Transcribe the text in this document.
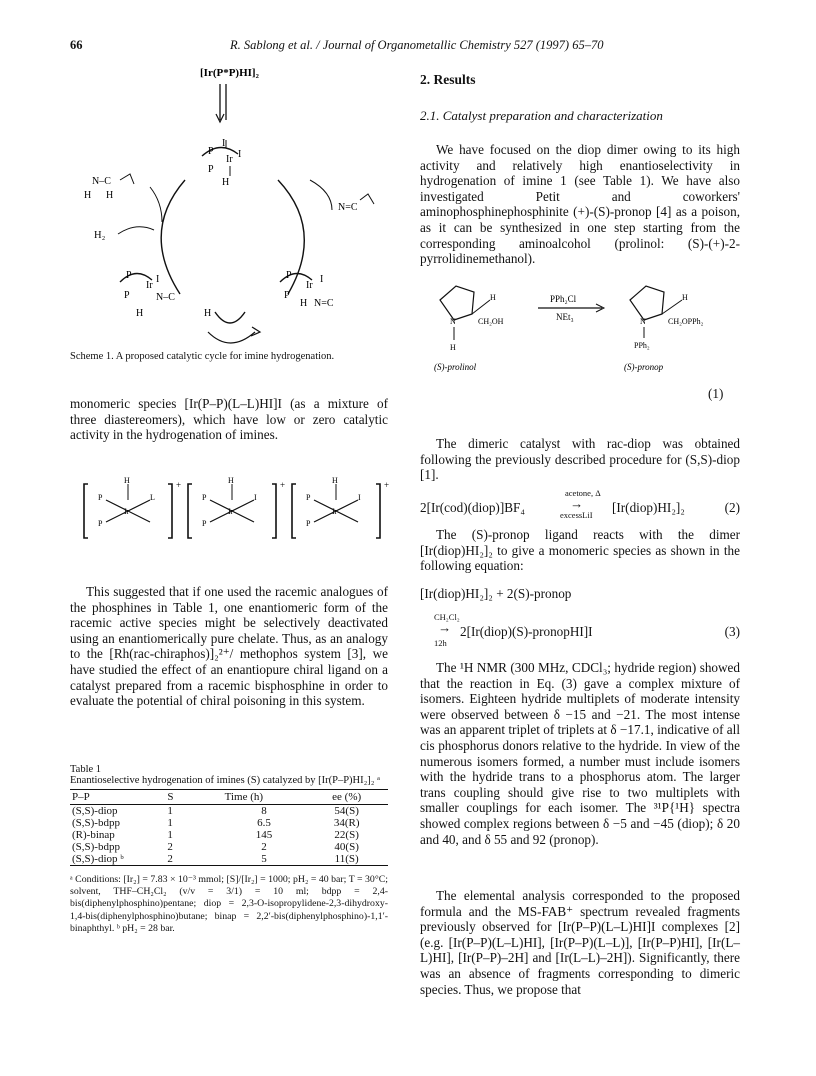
66	R. Sablong et al. / Journal of Organometallic Chemistry 527 (1997) 65–70
[Ir(P*P)HI]₂
P
I
Ir I
P
H
N–C
H H
H₂
N=C
P
Ir
I
P	N–C
H	H
P
Ir
I
P
H N=C
Scheme 1. A proposed catalytic cycle for imine hydrogenation.
monomeric species [Ir(P–P)(L–L)HI]I (as a mixture of three diastereomers), which have low or zero catalytic activity in the hydrogenation of imines.
H
P
P
L
Ir
+	H
P
P
I
Ir
+	H
P
P
I
Ir
+
This suggested that if one used the racemic analogues of the phosphines in Table 1, one enantiomeric form of the racemic active species might be selectively deactivated using an enantiomerically pure chelate. Thus, as an analogy to the [Rh(rac-chiraphos)]₂²⁺/ methophos system [3], we have studied the effect of an enantiopure chiral ligand on a catalyst prepared from a racemic bisphosphine in order to evaluate the potential of chiral poisoning in this system.
Table 1
Enantioselective hydrogenation of imines (S) catalyzed by [Ir(P–P)HI₂]₂ ᵃ
P–P	S	Time (h)	ee (%)
(S,S)-diop	1	8	54(S)
(S,S)-bdpp	1	6.5	34(R)
(R)-binap	1	145	22(S)
(S,S)-bdpp	2	2	40(S)
(S,S)-diop ᵇ	2	5	11(S)
ᵃ Conditions: [Ir₂] = 7.83 × 10⁻³ mmol; [S]/[Ir₂] = 1000; pH₂ = 40 bar; T = 30°C; solvent, THF–CH₂Cl₂ (v/v = 3/1) = 10 ml; bdpp = 2,4-bis(diphenylphosphino)pentane; diop = 2,3-O-isopropylidene-2,3-dihydroxy-1,4-bis(diphenylphosphino)butane; binap = 2,2′-bis(diphenylphosphino)-1,1′-binaphthyl. ᵇ pH₂ = 28 bar.
2. Results
2.1. Catalyst preparation and characterization
We have focused on the diop dimer owing to its high activity and relatively high enantioselectivity in hydrogenation of imine 1 (see Table 1). We have also investigated Petit and coworkers' aminophosphinephosphinite (+)-(S)-pronop [4] as a poison, as it can be synthesized in one step starting from the corresponding aminoalcohol (prolinol: (S)-(+)-2-pyrrolidinemethanol).
H
N
H
CH₂OH
PPh₂Cl
NEt₃
H
N
PPh₂
CH₂OPPh₂
(S)-prolinol	(S)-pronop
(1)
The dimeric catalyst with rac-diop was obtained following the previously described procedure for (S,S)-diop [1].
2[Ir(cod)(diop)]BF₄
acetone, Δ
→
excessLiI [Ir(diop)HI₂]₂	(2)
The (S)-pronop ligand reacts with the dimer [Ir(diop)HI₂]₂ to give a monomeric species as shown in the following equation:
[Ir(diop)HI₂]₂ + 2(S)-pronop
CH₂Cl₂
→
12h
2[Ir(diop)(S)-pronopHI]I	(3)
The ¹H NMR (300 MHz, CDCl₃; hydride region) showed that the reaction in Eq. (3) gave a complex mixture of isomers. Eighteen hydride multiplets of moderate intensity were observed between δ −15 and −21. The most intense was an apparent triplet of triplets at δ −17.1, indicative of all cis phosphorus donors relative to the hydride. In view of the numerous isomers formed, a number must include isomers with the hydride trans to a phosphorus atom. The larger trans coupling should give rise to two multiplets with smaller couplings for each isomer. The ³¹P{¹H} spectra showed complex regions between δ −5 and −45 (diop); δ 20 and 40, and δ 55 and 92 (pronop).
The elemental analysis corresponded to the proposed formula and the MS-FAB⁺ spectrum revealed fragments previously observed for [Ir(P–P)(L–L)HI]I complexes [2] (e.g. [Ir(P–P)(L–L)HI], [Ir(P–P)(L–L)], [Ir(P–P)HI], [Ir(L–L)HI], [Ir(P–P)–2H] and [Ir(L–L)–2H]). Significantly, there was an absence of fragments corresponding to dimeric species. Thus, we propose that
